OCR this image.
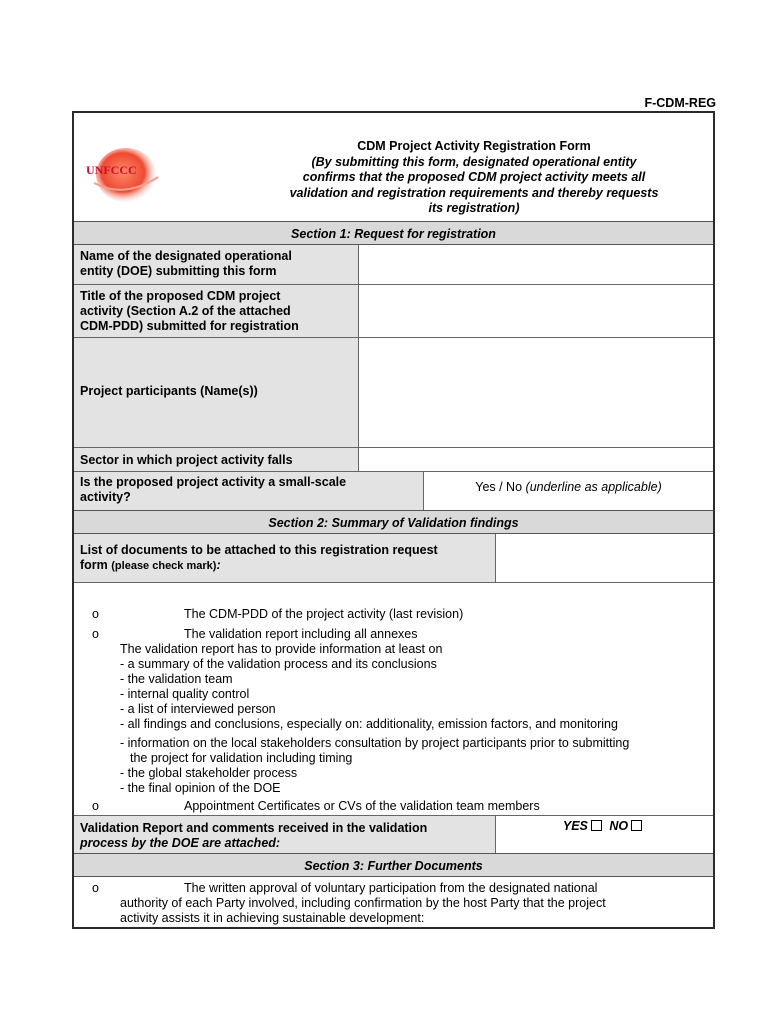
F-CDM-REG
UNFCCC
CDM Project Activity Registration Form
(By submitting this form, designated operational entity
confirms that the proposed CDM project activity meets all
validation and registration requirements and thereby requests
its registration)
Section 1: Request for registration
Name of the designated operational
entity (DOE) submitting this form
Title of the proposed CDM project
activity (Section A.2 of the attached
CDM-PDD) submitted for registration
Project participants (Name(s))
Sector in which project activity falls
Is the proposed project activity a small-scale
activity?
Yes / No (underline as applicable)
Section 2: Summary of Validation findings
List of documents to be attached to this registration request
form (please check mark):
o	The CDM-PDD of the project activity (last revision)
o	The validation report including all annexes
The validation report has to provide information at least on
- a summary of the validation process and its conclusions
- the validation team
- internal quality control
- a list of interviewed person
- all findings and conclusions, especially on: additionality, emission factors, and monitoring
- information on the local stakeholders consultation by project participants prior to submitting
the project for validation including timing
- the global stakeholder process
- the final opinion of the DOE
o	Appointment Certificates or CVs of the validation team members
Validation Report and comments received in the validation
process by the DOE are attached:
YES NO
Section 3: Further Documents
o	The written approval of voluntary participation from the designated national
authority of each Party involved, including confirmation by the host Party that the project
activity assists it in achieving sustainable development:
